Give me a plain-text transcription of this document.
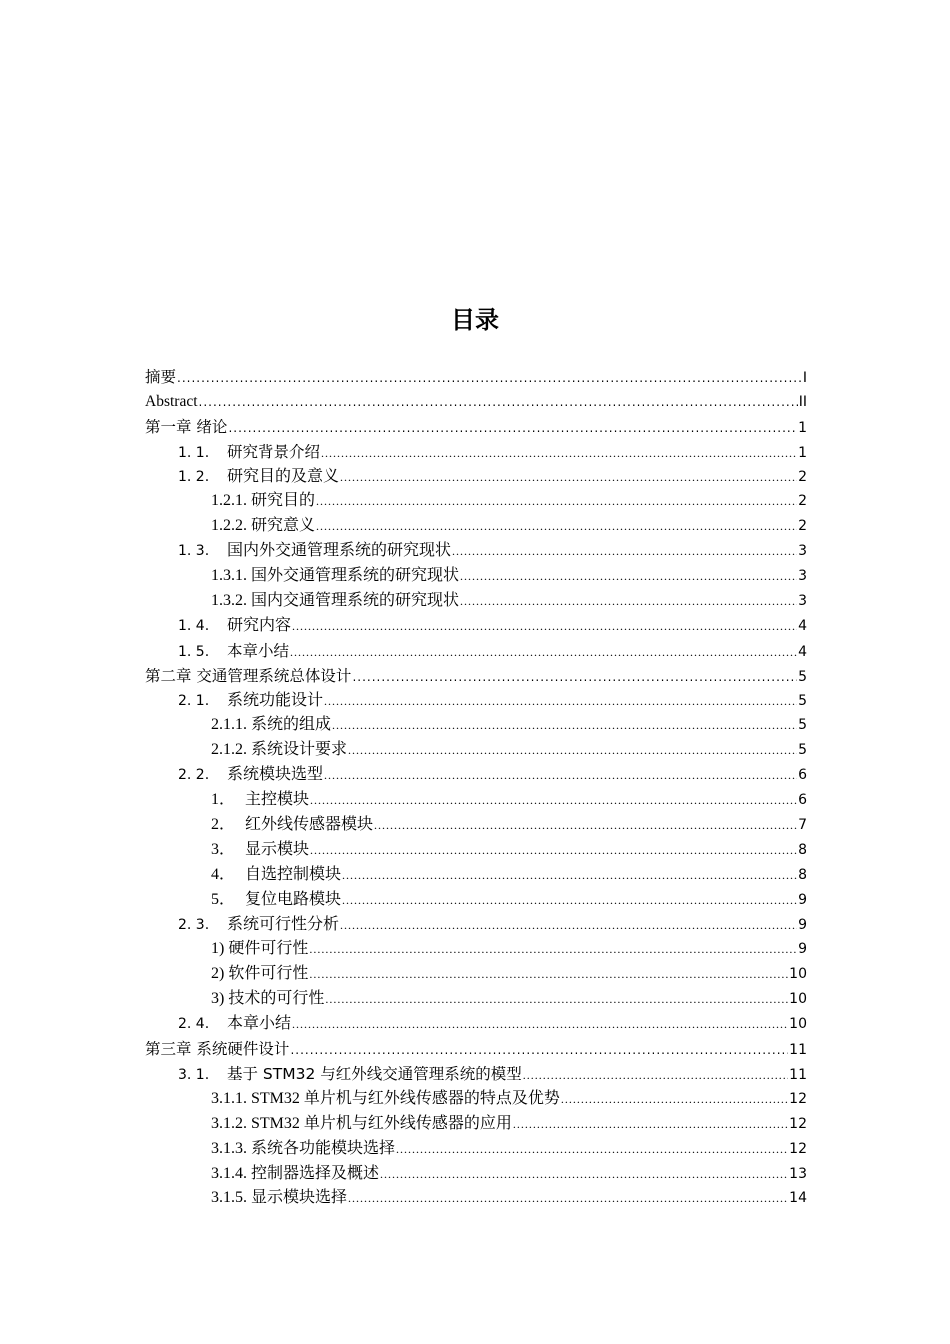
目录
摘要 .....	I
Abstract .....	II
第一章 绪论 .....	1
1. 1.	研究背景介绍 .....	1
1. 2.	研究目的及意义 .....	2
1.2.1. 研究目的 .....	2
1.2.2. 研究意义 .....	2
1. 3.	国内外交通管理系统的研究现状 .....	3
1.3.1. 国外交通管理系统的研究现状 .....	3
1.3.2. 国内交通管理系统的研究现状 .....	3
1. 4.	研究内容 .....	4
1. 5.	本章小结 .....	4
第二章 交通管理系统总体设计 .....	5
2. 1.	系统功能设计 .....	5
2.1.1. 系统的组成 .....	5
2.1.2. 系统设计要求 .....	5
2. 2.	系统模块选型 .....	6
1． 主控模块 .....	6
2． 红外线传感器模块 .....	7
3． 显示模块 .....	8
4． 自选控制模块 .....	8
5． 复位电路模块 .....	9
2. 3.	系统可行性分析 .....	9
1) 硬件可行性 .....	9
2) 软件可行性 .....	10
3) 技术的可行性 .....	10
2. 4.	本章小结 .....	10
第三章 系统硬件设计 .....	11
3. 1.	基于 STM32 与红外线交通管理系统的模型 .....	11
3.1.1. STM32 单片机与红外线传感器的特点及优势 .....	12
3.1.2. STM32 单片机与红外线传感器的应用 .....	12
3.1.3. 系统各功能模块选择 .....	12
3.1.4. 控制器选择及概述 .....	13
3.1.5. 显示模块选择 .....	14
